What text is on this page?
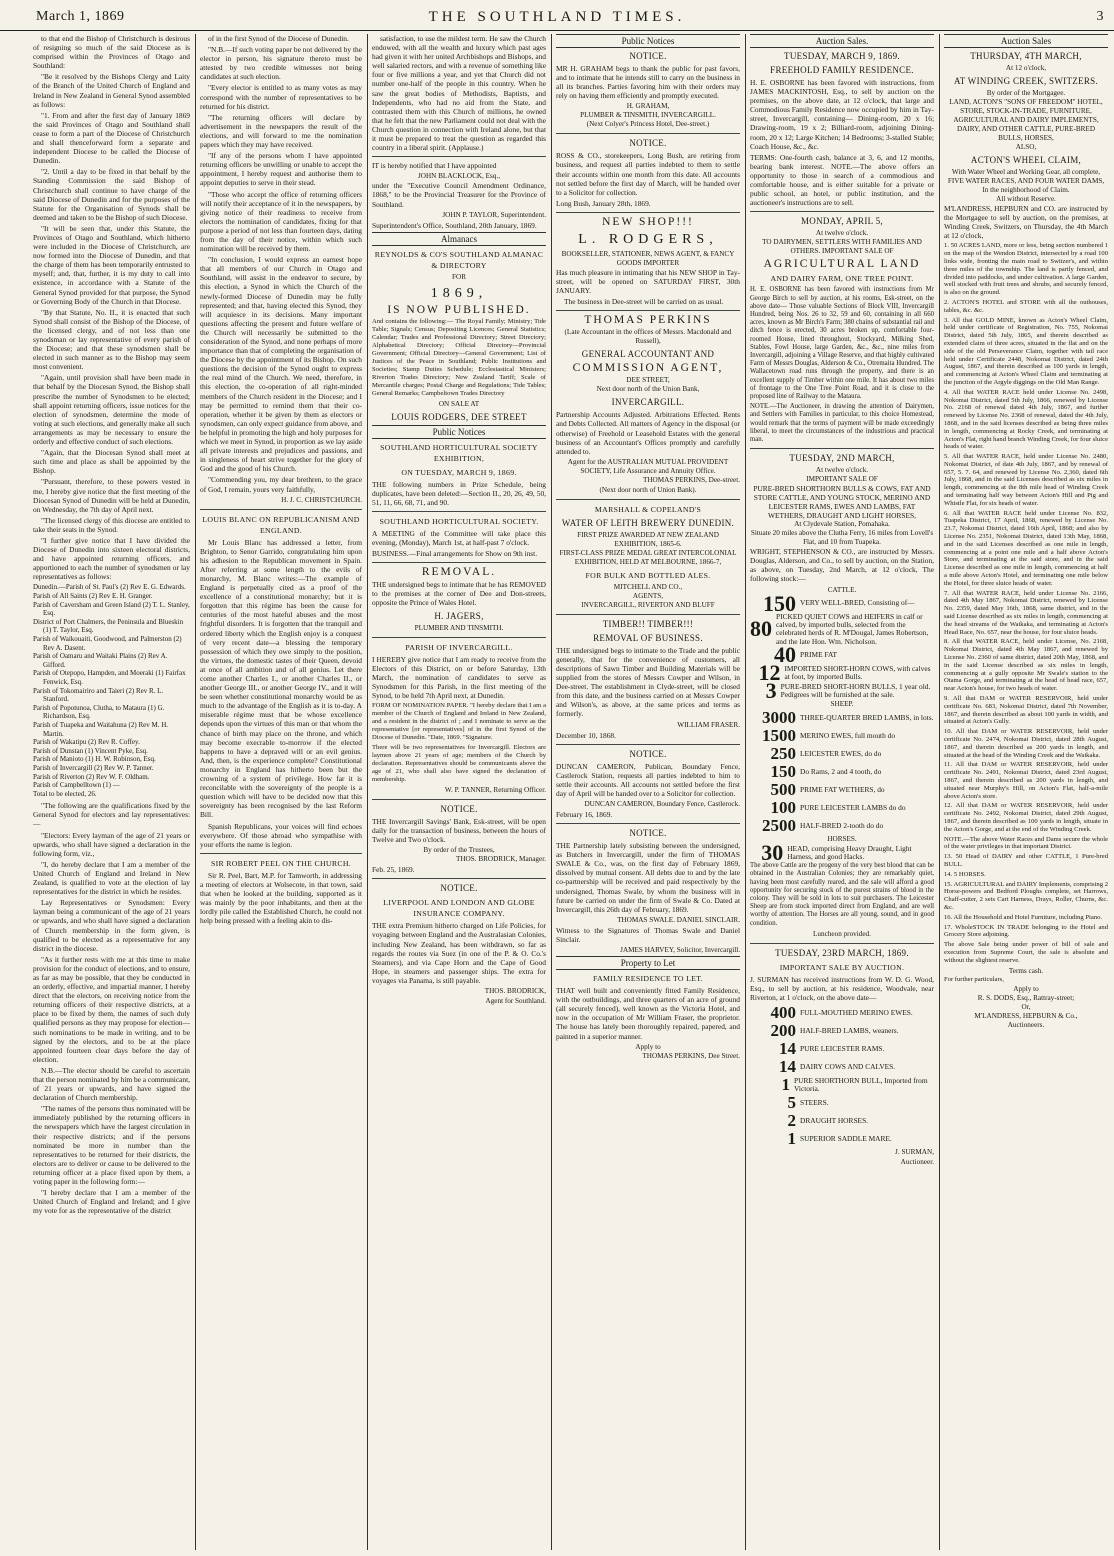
March 1, 1869	THE SOUTHLAND TIMES.	3

to that end the Bishop of Christchurch is desirous of resigning so much of the said Diocese as is comprised within the Provinces of Otago and Southland:

"Be it resolved by the Bishops Clergy and Laity of the Branch of the United Church of England and Ireland in New Zealand in General Synod assembled as follows:

"1. From and after the first day of January 1869 the said Provinces of Otago and Southland shall cease to form a part of the Diocese of Christchurch and shall thenceforward form a separate and independent Diocese to be called the Diocese of Dunedin.

"2. Until a day to be fixed in that behalf by the Standing Commission the said Bishop of Christchurch shall continue to have charge of the said Diocese of Dunedin and for the purposes of the Statute for the Organisation of Synods shall be deemed and taken to be the Bishop of such Diocese.

"It will be seen that, under this Statute, the Provinces of Otago and Southland, which hitherto were included in the Diocese of Christchurch, are now formed into the Diocese of Dunedin, and that the charge of them has been temporarily entrusted to myself; and, that, further, it is my duty to call into existence, in accordance with a Statute of the General Synod provided for that purpose, the Synod or Governing Body of the Church in that Diocese.

"By that Statute, No. II., it is enacted that such Synod shall consist of the Bishop of the Diocese, of the licensed clergy, and of not less than one synodsman or lay representative of every parish of the Diocese; and that these synodsmen shall be elected in such manner as to the Bishop may seem most convenient.

"Again, until provision shall have been made in that behalf by the Diocesan Synod, the Bishop shall prescribe the number of Synodsmen to be elected; shall appoint returning officers, issue notices for the election of synodsmen, determine the mode of voting at such elections, and generally make all such arrangements as may be necessary to ensure the orderly and effective conduct of such elections.

"Again, that the Diocesan Synod shall meet at such time and place as shall be appointed by the Bishop.

"Pursuant, therefore, to these powers vested in me, I hereby give notice that the first meeting of the Diocesan Synod of Dunedin will be held at Dunedin, on Wednesday, the 7th day of April next.

"The licensed clergy of this diocese are entitled to take their seats in the Synod.

"I further give notice that I have divided the Diocese of Dunedin into sixteen electoral districts, and have appointed returning officers, and apportioned to each the number of synodsmen or lay representatives as follows:

Dunedin.—Parish of St. Paul's (2) Rev E. G. Edwards.
Parish of All Saints (2) Rev E. H. Granger.
Parish of Caversham and Green Island (2) T. L. Stanley, Esq.
District of Port Chalmers, the Peninsula and Blueskin (1) T. Taylor, Esq.
Parish of Waikouaiti, Goodwood, and Palmerston (2) Rev A. Dasent.
Parish of Oamaru and Waitaki Plains (2) Rev A. Gifford.
Parish of Otepopo, Hampden, and Moeraki (1) Fairfax Fenwick, Esq.
Parish of Tokomairiro and Taieri (2) Rev R. L. Stanford.
Parish of Popotunoa, Clutha, to Mataura (1) G. Richardson, Esq.
Parish of Tuapeka and Waitahuna (2) Rev M. H. Martin.
Parish of Wakatipu (2) Rev R. Coffey.
Parish of Dunstan (1) Vincent Pyke, Esq.
Parish of Manioto (1) H. W. Robinson, Esq.
Parish of Invercargill (2) Rev W. P. Tanner.
Parish of Riverton (2) Rev W. F. Oldham.
Parish of Campbelltown (1) —
Total to be elected, 26.

"The following are the qualifications fixed by the General Synod for electors and lay representatives:—

"Electors: Every layman of the age of 21 years or upwards, who shall have signed a declaration in the following form, viz.,

"I, do hereby declare that I am a member of the United Church of England and Ireland in New Zealand, is qualified to vote at the election of lay representatives for the district in which he resides.

Lay Representatives or Synodsmen: Every layman being a communicant of the age of 21 years or upwards, and who shall have signed a declaration of Church membership in the form given, is qualified to be elected as a representative for any district in the diocese.

"As it further rests with me at this time to make provision for the conduct of elections, and to ensure, as far as may be possible, that they be conducted in an orderly, effective, and impartial manner, I hereby direct that the electors, on receiving notice from the returning officers of their respective districts, at a place to be fixed by them, the names of such duly qualified persons as they may propose for election—such nominations to be made in writing, and to be signed by the electors, and to be at the place appointed fourteen clear days before the day of election.

N.B.—The elector should be careful to ascertain that the person nominated by him be a communicant, of 21 years or upwards, and have signed the declaration of Church membership.

"The names of the persons thus nominated will be immediately published by the returning officers in the newspapers which have the largest circulation in their respective districts; and if the persons nominated be more in number than the representatives to be returned for their districts, the electors are to deliver or cause to be delivered to the returning officer at a place fixed upon by them, a voting paper in the following form:—

"I hereby declare that I am a member of the United Church of England and Ireland; and I give my vote for as the representative of the district

of in the first Synod of the Diocese of Dunedin.

"N.B.—If such voting paper be not delivered by the elector in person, his signature thereto must be attested by two credible witnesses not being candidates at such election.

"Every elector is entitled to as many votes as may correspond with the number of representatives to be returned for his district.

"The returning officers will declare by advertisement in the newspapers the result of the elections, and will forward to me the nomination papers which they may have received.

"If any of the persons whom I have appointed returning officers be unwilling or unable to accept the appointment, I hereby request and authorise them to appoint deputies to serve in their stead.

"Those who accept the office of returning officers will notify their acceptance of it in the newspapers, by giving notice of their readiness to receive from electors the nomination of candidates, fixing for that purpose a period of not less than fourteen days, dating from the day of their notice, within which such nomination will be received by them.

"In conclusion, I would express an earnest hope that all members of our Church in Otago and Southland, will assist in the endeavor to secure, by this election, a Synod in which the Church of the newly-formed Diocese of Dunedin may be fully represented; and that, having elected this Synod, they will acquiesce in its decisions. Many important questions affecting the present and future welfare of the Church will necessarily be submitted to the consideration of the Synod, and none perhaps of more importance than that of completing the organisation of the Diocese by the appointment of its Bishop. On such questions the decision of the Synod ought to express the real mind of the Church. We need, therefore, in this election, the co-operation of all right-minded members of the Church resident in the Diocese; and I may be permitted to remind them that their co-operation, whether it be given by them as electors or synodsmen, can only expect guidance from above, and be helpful in promoting the high and holy purposes for which we meet in Synod, in proportion as we lay aside all private interests and prejudices and passions, and in singleness of heart strive together for the glory of God and the good of his Church.

"Commending you, my dear brethren, to the grace of God, I remain, yours very faithfully,

H. J. C. CHRISTCHURCH.

LOUIS BLANC ON REPUBLICANISM AND ENGLAND.

Mr Louis Blanc has addressed a letter, from Brighton, to Senor Garrido, congratulating him upon his adhesion to the Republican movement in Spain. After referring at some length to the evils of monarchy, M. Blanc writes:—The example of England is perpetually cited as a proof of the excellence of a constitutional monarchy; but it is forgotten that this régime has been the cause for centuries of the most hateful abuses and the most frightful disorders. It is forgotten that the tranquil and ordered liberty which the English enjoy is a conquest of very recent date—a blessing the temporary possession of which they owe simply to the position, the virtues, the domestic tastes of their Queen, devoid at once of all ambition and of all genius. Let there come another Charles I., or another Charles II., or another George III., or another George IV., and it will be seen whether constitutional monarchy would be as much to the advantage of the English as it is to-day. A miserable régime must that be whose excellence depends upon the virtues of this man or that whom the chance of birth may place on the throne, and which may become execrable to-morrow if the elected happens to have a depraved will or an evil genius. And, then, is the experience complete? Constitutional monarchy in England has hitherto been but the crowning of a system of privilege. How far it is reconcilable with the sovereignty of the people is a question which will have to be decided now that this sovereignty has been recognised by the last Reform Bill.

Spanish Republicans, your voices will find echoes everywhere. Of those abroad who sympathise with your efforts the name is legion.

SIR ROBERT PEEL ON THE CHURCH.

Sir R. Peel, Bart, M.P. for Tamworth, in addressing a meeting of electors at Wolsecote, in that town, said that when he looked at the building, supported as it was mainly by the poor inhabitants, and then at the lordly pile called the Established Church, he could not help being pressed with a feeling akin to dis-

satisfaction, to use the mildest term. He saw the Church endowed, with all the wealth and luxury which past ages had given it with her united Archbishops and Bishops, and well salaried rectors, and with a revenue of something like four or five millions a year, and yet that Church did not number one-half of the people in this country. When he saw the great bodies of Methodists, Baptists, and Independents, who had no aid from the State, and contrasted them with this Church of millions, he owned that he felt that the new Parliament could not deal with the Church question in connection with Ireland alone, but that it must be prepared to treat the question as regarded this country in a liberal spirit. (Applause.)

IT is hereby notified that I have appointed

JOHN BLACKLOCK, Esq.,

under the "Executive Council Amendment Ordinance, 1868," to be the Provincial Treasurer for the Province of Southland.

JOHN P. TAYLOR, Superintendent.

Superintendent's Office, Southland, 20th January, 1869.

Almanacs
REYNOLDS & CO'S SOUTHLAND ALMANAC & DIRECTORY

FOR

1869,
IS NOW PUBLISHED.

And contains the following:— The Royal Family; Ministry; Tide Table; Signals; Census; Depositing Licences; General Statistics; Calendar; Trades and Professional Directory; Street Directory; Alphabetical Directory; Official Directory—Provincial Government; Official Directory—General Government; List of Justices of the Peace in Southland; Public Institutions and Societies; Stamp Duties Schedule; Ecclesiastical Ministers; Riverton Trades Directory; New Zealand Tariff; Scale of Mercantile charges; Postal Charge and Regulations; Tide Tables; General Remarks; Campbeltown Trades Directory

ON SALE AT

LOUIS RODGERS, DEE STREET
Public Notices
SOUTHLAND HORTICULTURAL SOCIETY EXHIBITION,
ON TUESDAY, MARCH 9, 1869.

THE following numbers in Prize Schedule, being duplicates, have been deleted:—Section II., 20, 26, 49, 50, 51, 11, 66, 68, 71, and 90.

SOUTHLAND HORTICULTURAL SOCIETY.

A MEETING of the Committee will take place this evening, (Monday), March 1st, at half-past 7 o'clock.

BUSINESS.—Final arrangements for Show on 9th inst.

REMOVAL.

THE undersigned begs to intimate that he has REMOVED to the premises at the corner of Dee and Don-streets, opposite the Prince of Wales Hotel.

H. JAGERS,

PLUMBER AND TINSMITH.

PARISH OF INVERCARGILL.

I HEREBY give notice that I am ready to receive from the Electors of this District, on or before Saturday, 13th March, the nomination of candidates to serve as Synodsmen for this Parish, in the first meeting of the Synod, to be held 7th April next, at Dunedin.

FORM OF NOMINATION PAPER. "I hereby declare that I am a member of the Church of England and Ireland in New Zealand, and a resident in the district of ; and I nominate to serve as the representative [or representatives] of in the first Synod of the Diocese of Dunedin. "Date, 1869. "Signature.

There will be two representatives for Invercargill. Electors are laymen above 21 years of age; members of the Church by declaration. Representatives should be communicants above the age of 21, who shall also have signed the declaration of membership.

W. P. TANNER, Returning Officer.

NOTICE.

THE Invercargill Savings' Bank, Esk-street, will be open daily for the transaction of business, between the hours of Twelve and Two o'clock.

By order of the Trustees,

THOS. BRODRICK, Manager.

Feb. 25, 1869.

NOTICE.
LIVERPOOL AND LONDON AND GLOBE INSURANCE COMPANY.

THE extra Premium hitherto charged on Life Policies, for voyaging between England and the Australasian Colonies, including New Zealand, has been withdrawn, so far as regards the routes via Suez (in one of the P. & O. Co.'s Steamers), and via Cape Horn and the Cape of Good Hope, in steamers and passenger ships. The extra for voyages via Panama, is still payable.

THOS. BRODRICK,

Agent for Southland.

Public Notices
NOTICE.

MR H. GRAHAM begs to thank the public for past favors, and to intimate that he intends still to carry on the business in all its branches. Parties favoring him with their orders may rely on having them efficiently and promptly executed.

H. GRAHAM,

PLUMBER & TINSMITH, INVERCARGILL.

(Next Colyer's Princess Hotel, Dee-street.)

NOTICE.

ROSS & CO., storekeepers, Long Bush, are retiring from business, and request all parties indebted to them to settle their accounts within one month from this date. All accounts not settled before the first day of March, will be handed over to a Solicitor for collection.

Long Bush, January 28th, 1869.

NEW SHOP!!!
L. RODGERS,

BOOKSELLER, STATIONER, NEWS AGENT, & FANCY GOODS IMPORTER

Has much pleasure in intimating that his NEW SHOP in Tay-street, will be opened on SATURDAY FIRST, 30th JANUARY.

The business in Dee-street will be carried on as usual.

THOMAS PERKINS

(Late Accountant in the offices of Messrs. Macdonald and Russell),

GENERAL ACCOUNTANT AND
COMMISSION AGENT,

DEE STREET,

Next door north of the Union Bank,

INVERCARGILL.

Partnership Accounts Adjusted. Arbitrations Effected. Rents and Debts Collected. All matters of Agency in the disposal (or otherwise) of Freehold or Leasehold Estates with the general business of an Accountant's Offices promptly and carefully attended to.

Agent for the AUSTRALIAN MUTUAL PROVIDENT SOCIETY, Life Assurance and Annuity Office.

THOMAS PERKINS, Dee-street.

(Next door north of Union Bank).

MARSHALL & COPELAND'S
WATER OF LEITH BREWERY DUNEDIN.

FIRST PRIZE AWARDED AT NEW ZEALAND EXHIBITION, 1865-6.

FIRST-CLASS PRIZE MEDAL GREAT INTERCOLONIAL EXHIBITION, HELD AT MELBOURNE, 1866-7,

FOR BULK AND BOTTLED ALES.

MITCHELL AND CO.,

AGENTS,

INVERCARGILL, RIVERTON AND BLUFF

TIMBER!! TIMBER!!!
REMOVAL OF BUSINESS.

THE undersigned begs to intimate to the Trade and the public generally, that for the convenience of customers, all descriptions of Sawn Timber and Building Materials will be supplied from the stores of Messrs Cowper and Wilson, in Dee-street. The establishment in Clyde-street, will be closed from this date, and the business carried on at Messrs Cowper and Wilson's, as above, at the same prices and terms as formerly.

WILLIAM FRASER.

December 10, 1868.

NOTICE.

DUNCAN CAMERON, Publican, Boundary Fence, Castlerock Station, requests all parties indebted to him to settle their accounts. All accounts not settled before the first day of April will be handed over to a Solicitor for collection.

DUNCAN CAMERON, Boundary Fence, Castlerock.

February 16, 1869.

NOTICE.

THE Partnership lately subsisting between the undersigned, as Butchers in Invercargill, under the firm of THOMAS SWALE & Co., was, on the first day of February 1869, dissolved by mutual consent. All debts due to and by the late co-partnership will be received and paid respectively by the undersigned, Thomas Swale, by whom the business will in future be carried on under the firm of Swale & Co. Dated at Invercargill, this 26th day of February, 1869.

THOMAS SWALE. DANIEL SINCLAIR.

Witness to the Signatures of Thomas Swale and Daniel Sinclair.

JAMES HARVEY, Solicitor, Invercargill.

Property to Let
FAMILY RESIDENCE TO LET.

THAT well built and conveniently fitted Family Residence, with the outbuildings, and three quarters of an acre of ground (all securely fenced), well known as the Victoria Hotel, and now in the occupation of Mr William Fraser, the proprietor. The house has lately been thoroughly repaired, papered, and painted in a superior manner.

Apply to

THOMAS PERKINS, Dee Street.

Auction Sales.
TUESDAY, MARCH 9, 1869.
FREEHOLD FAMILY RESIDENCE.

H. E. OSBORNE has been favored with instructions, from JAMES MACKINTOSH, Esq., to sell by auction on the premises, on the above date, at 12 o'clock, that large and Commodious Family Residence now occupied by him in Tay-street, Invercargill, containing— Dining-room, 20 x 16; Drawing-room, 19 x 2; Billiard-room, adjoining Dining-room, 20 x 12; Large Kitchen; 14 Bedrooms; 3-stalled Stable; Coach House, &c., &c.

TERMS: One-fourth cash, balance at 3, 6, and 12 months, bearing bank interest. NOTE.—The above offers an opportunity to those in search of a commodious and comfortable house, and is either suitable for a private or public school, an hotel, or public institution, and the auctioneer's instructions are to sell.

MONDAY, APRIL 5,

At twelve o'clock.

TO DAIRYMEN, SETTLERS WITH FAMILIES AND OTHERS. IMPORTANT SALE OF

AGRICULTURAL LAND
AND DAIRY FARM, ONE TREE POINT.

H. E. OSBORNE has been favored with instructions from Mr George Birch to sell by auction, at his rooms, Esk-street, on the above date— Those valuable Sections of Block VIII, Invercargill Hundred, being Nos. 26 to 32, 59 and 60, containing in all 660 acres, known as Mr Birch's Farm; 380 chains of substantial rail and ditch fence is erected, 30 acres broken up, comfortable four-roomed House, lined throughout, Stockyard, Milking Shed, Stables, Fowl House, large Garden, &c., &c., nine miles from Invercargill, adjoining a Village Reserve, and that highly cultivated Farm of Messrs Douglas, Alderson & Co., Otremaita Hundred. The Wallacetown road runs through the property, and there is an excellent supply of Timber within one mile. It has about two miles of frontage to the One Tree Point Road, and it is close to the proposed line of Railway to the Mataura.

NOTE.—The Auctioneer, in drawing the attention of Dairymen, and Settlers with Families in particular, to this choice Homestead, would remark that the terms of payment will be made exceedingly liberal, to meet the circumstances of the industrious and practical man.

TUESDAY, 2ND MARCH,

At twelve o'clock.

IMPORTANT SALE OF

PURE-BRED SHORTHORN BULLS & COWS, FAT AND STORE CATTLE, AND YOUNG STOCK, MERINO AND LEICESTER RAMS, EWES AND LAMBS, FAT WETHERS, DRAUGHT AND LIGHT HORSES,

At Clydevale Station, Pomahaka.

Situate 20 miles above the Clutha Ferry, 16 miles from Lovell's Flat, and 10 from Tuapeka.

WRIGHT, STEPHENSON & CO., are instructed by Messrs. Douglas, Alderson, and Co., to sell by auction, on the Station, as above, on Tuesday, 2nd March, at 12 o'clock, The following stock:—

CATTLE.

150 VERY WELL-BRED, Consisting of—
80
PICKED QUIET COWS and HEIFERS in calf or calved, by imported bulls, selected from the celebrated herds of R. M'Dougal, James Robertson, and the late Hon. Wm. Nicholson.
40 PRIME FAT
12 IMPORTED SHORT-HORN COWS, with calves at foot, by imported Bulls.
3 PURE-BRED SHORT-HORN BULLS, 1 year old. Pedigrees will be furnished at the sale.

SHEEP.

3000 THREE-QUARTER BRED LAMBS, in lots.
1500 MERINO EWES, full mouth do
250 LEICESTER EWES, do do
150 Do Rams, 2 and 4 tooth, do
500 PRIME FAT WETHERS, do
100 PURE LEICESTER LAMBS do do
2500 HALF-BRED 2-tooth do do

HORSES.

30 HEAD, comprising Heavy Draught, Light Harness, and good Hacks.

The above Cattle are the progeny of the very best blood that can be obtained in the Australian Colonies; they are remarkably quiet, having been most carefully reared, and the sale will afford a good opportunity for securing stock of the purest strains of blood in the colony. They will be sold in lots to suit purchasers. The Leicester Sheep are from stock imported direct from England, and are well worthy of attention. The Horses are all young, sound, and in good condition.

Luncheon provided.

TUESDAY, 23RD MARCH, 1869.
IMPORTANT SALE BY AUCTION.

J. SURMAN has received instructions from W. D. G. Wood, Esq., to sell by auction, at his residence, Woodvale, near Riverton, at 1 o'clock, on the above date—

400 FULL-MOUTHED MERINO EWES.
200 HALF-BRED LAMBS, weaners.
14 PURE LEICESTER RAMS.
14 DAIRY COWS AND CALVES.
1 PURE SHORTHORN BULL, Imported from Victoria.
5 STEERS.
2 DRAUGHT HORSES.
1 SUPERIOR SADDLE MARE.

J. SURMAN,

Auctioneer.

Auction Sales
THURSDAY, 4TH MARCH,

At 12 o'clock,

AT WINDING CREEK, SWITZERS.

By order of the Mortgagee.

LAND, ACTON'S "SONS OF FREEDOM" HOTEL, STORE, STOCK-IN-TRADE, FURNITURE, AGRICULTURAL AND DAIRY IMPLEMENTS, DAIRY, AND OTHER CATTLE, PURE-BRED BULLS, HORSES,

ALSO,

ACTON'S WHEEL CLAIM,

With Water Wheel and Working Gear, all complete,

FIVE WATER RACES, AND FOUR WATER DAMS,

In the neighborhood of Claim.

All without Reserve.

M'LANDRESS, HEPBURN and CO. are instructed by the Mortgagee to sell by auction, on the premises, at Winding Creek, Switzers, on Thursday, the 4th March at 12 o'clock,

1. 50 ACRES LAND, more or less, being section numbered 1 on the map of the Wendon District, intersected by a road 100 links wide, fronting the main road to Switzer's, and within three miles of the township. The land is partly fenced, and divided into paddocks, and under cultivation. A large Garden, well stocked with fruit trees and shrubs, and securely fenced, is also on the ground.

2. ACTON'S HOTEL and STORE with all the outhouses, tables, &c. &c.

3. All that GOLD MINE, known as Acton's Wheel Claim, held under certificate of Registration, No. 755, Nokomai District, dated 5th July, 1865, and therein described as extended claim of three acres, situated in the flat and on the side of the old Perseverance Claim, together with tail race held under Certificate 2448, Nokomai District, dated 24th August, 1867, and therein described as 100 yards in length, and commencing at Acton's Wheel Claim and terminating at the junction of the Argyle diggings on the Old Man Range.

4. All that WATER RACE held under License No. 2498, Nokomai District, dated 5th July, 1866, renewed by License No. 2168 of renewal dated 4th July, 1867, and further renewed by License No. 2368 of renewal, dated the 4th July, 1868, and in the said licenses described as being three miles in length, commencing at Rocky Creek, and terminating at Acton's Flat, right hand branch Winding Creek, for four sluice heads of water.

5. All that WATER RACE, held under License No. 2480, Nokomai District, of date 4th July, 1867, and by renewal of 657, 5. 7. 64, and renewed by License No. 2,360, dated 6th July, 1868, and in the said Licenses described as six miles in length, commencing at the 8th mile head of Winding Creek and terminating half way between Acton's Hill and Pig and Whistle Flat, for six heads of water.

6. All that WATER RACE held under License No. 832, Tuapeka District, 17 April, 1868, renewed by License No. 23.7, Nokomai District, dated 16th April, 1868; and also by License No. 2351, Nokomai District, dated 13th May, 1868, and in the said Licenses described as one mile in length, commencing at a point one mile and a half above Acton's Store, and terminating at the said store, and in the said License described as one mile in length, commencing at half a mile above Acton's Hotel, and terminating one mile below the Hotel, for three sluice heads of water.

7. All that WATER RACE, held under License No. 2166, dated 4th May 1867, Nokomai District, renewed by License No. 2359, dated May 16th, 1868, same district, and in the said License described as six miles in length, commencing at the head streams of the Waikaka, and terminating at Acton's Head Race, No. 657, near the house, for four sluice heads.

8. All that WATER RACE, held under License, No. 2168, Nokomai District, dated 4th May 1867, and renewed by License No. 2360 of same district, dated 20th May, 1868, and in the said License described as six miles in length, commencing at a gully opposite Mr Swale's station to the Otama Gorge, and terminating at the head of head race, 657, near Acton's house, for two heads of water.

9. All that DAM or WATER RESERVOIR, held under certificate No. 683, Nokomai District, dated 7th November, 1867, and therein described as about 100 yards in width, and situated at Acton's Gully.

10. All that DAM or WATER RESERVOIR, held under certificate No. 2474, Nokomai District, dated 28th August, 1867, and therein described as 200 yards in length, and situated at the head of the Winding Creek and the Waikaka.

11. All that DAM or WATER RESERVOIR, held under certificate No. 2491, Nokomai District, dated 23rd August, 1867, and therein described as 200 yards in length, and situated near Murphy's Hill, on Acton's Flat, half-a-mile above Acton's store.

12. All that DAM or WATER RESERVOIR, held under certificate No. 2492, Nokomai District, dated 29th August, 1867, and therein described as 100 yards in length, situate in the Acton's Gorge, and at the end of the Winding Creek.

NOTE.—The above Water Races and Dams secure the whole of the water privileges in that important District.

13. 50 Head of DAIRY and other CATTLE, 1 Pure-bred BULL.

14. 5 HORSES.

15. AGRICULTURAL and DAIRY Implements, comprising 2 Horse-powers and Bedford Ploughs complete, set Harrows, Chaff-cutter, 2 sets Cart Harness, Drays, Roller, Churns, &c. &c.

16. All the Household and Hotel Furniture, including Piano.

17. WholeSTOCK IN TRADE belonging to the Hotel and Grocery Store adjoining.

The above Sale being under power of bill of sale and execution from Supreme Court, the sale is absolute and without the slightest reserve.

Terms cash.

For further particulars,

Apply to

R. S. DODS, Esq., Rattray-street;

Or,

M'LANDRESS, HEPBURN & Co.,

Auctioneers.
